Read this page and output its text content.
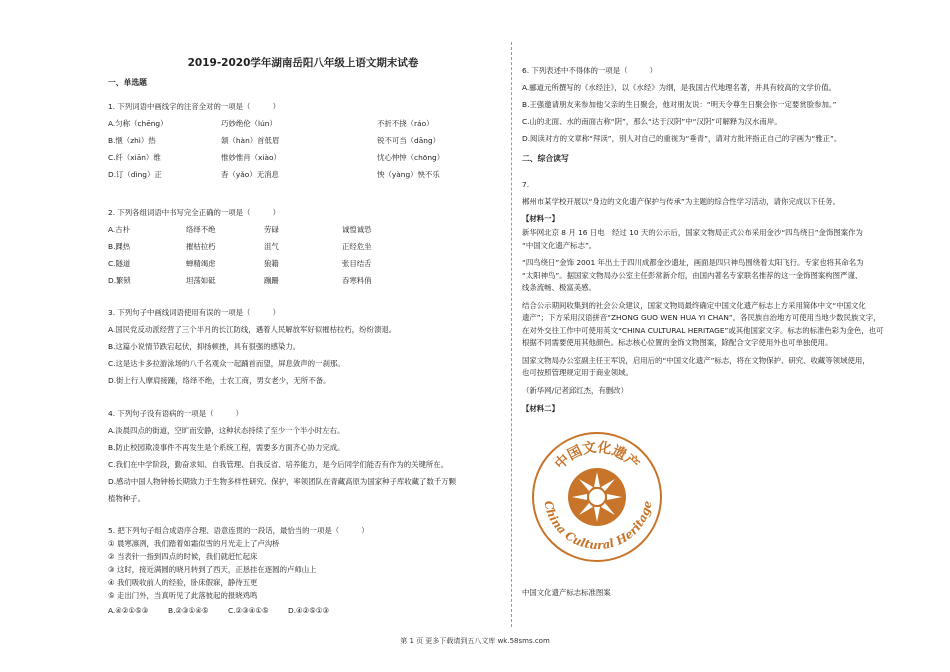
2019-2020学年湖南岳阳八年级上语文期末试卷
一、单选题
1. 下列词语中画线字的注音全对的一项是（　　　）
A.匀称（chēng）	巧妙绝伦（lún）	不折不挠（ráo）
B.惬（zhì）热	颔（hàn）首低眉	锐不可当（dāng）
C.纤（xiān）维	惟妙惟肖（xiào）	忧心忡忡（chōng）
D.订（dìng）正	杳（yǎo）无消息	怏（yàng）怏不乐
2. 下列各组词语中书写完全正确的一项是（　　　）
A.古朴	络绎不绝	劳碌	诚惶诚恐
B.踝热	摧枯拉朽	沮气	正经危坐
C.隧道	蝉精竭虑	狼籍	张目结舌
D.繁锁	坦荡如砥	蹦跚	吞寒料俏
3. 下列句子中画线词语使用有误的一项是（　　　）
A.国民党反动派经营了三个半月的长江防线，遇着人民解放军好似摧枯拉朽，纷纷溃退。
B.这篇小说情节跌宕起伏，抑扬顿挫，具有很强的感染力。
C.这是达卡多拉游泳场的八千名观众一起踊首而望，屏息敛声的一刹那。
D.街上行人摩肩接踵，络绎不绝，士农工商，男女老少，无所不备。
4. 下列句子没有语病的一项是（　　　）
A.淡晨四点的街道，空旷而安静，这种状态持续了至少一个半小时左右。
B.防止校园欺凌事件不再发生是个系统工程，需要多方面齐心协力完成。
C.我们在中学阶段，勤奋求知、自我管理、自我反省、培养能力，是今后同学们能否有作为的关键所在。
D.感动中国人物钟杨长期致力于生物多样性研究、保护，率领团队在青藏高原为国家种子库收藏了数千万颗
植物种子。
5. 把下列句子组合成语序合理、语意连贯的一段话，最恰当的一项是（　　　）
① 晨寒凛冽，我们踏着如霜似雪的月光走上了卢沟桥
② 当表针一指到四点的时候，我们就赶忙起床
③ 这时，接近满圆的晓月转到了西天，正恳挂在逐圆的卢师山上
④ 我们吸收前人的经验，卧床假寐，静待五更
⑤ 走出门外，当真听见了此落彼起的报晓鸡鸣
A.④②①⑤③	B.②③①④⑤	C.②③④①⑤	D.④②⑤①③
6. 下列表述中不得体的一项是（　　　）
A.郦道元所撰写的《水经注》，以《水经》为纲，是我国古代地理名著，并具有较高的文学价值。
B.王强邀请朋友来参加他父亲的生日聚会，他对朋友说：“明天令尊生日聚会你一定要赏脸参加。”
C.山的北面、水的南面古称“阴”，那么“达于汉阴”中“汉阴”可解释为汉水南岸。
D.阅读对方的文章称“拜读”，别人对自己的重视为“垂青”，请对方批评指正自己的字画为“雅正”。
二、综合读写
7.
郴州市某学校开展以“身边的文化遗产保护与传承”为主题的综合性学习活动，请你完成以下任务。
【材料一】
新华网北京 8 月 16 日电　经过 10 天的公示后，国家文物局正式公布采用金沙“四鸟绕日”金饰图案作为
“中国文化遗产标志”。
“四鸟绕日”金饰 2001 年出土于四川成都金沙遗址，画面是四只神鸟围绕着太阳飞行。专家也将其命名为
“太阳神鸟”。据国家文物局办公室主任彭常新介绍，由国内著名专家联名推荐的这一金饰图案构图严谨、
线条流畅、极富美感。
结合公示期间收集到的社会公众建议，国家文物局最终确定中国文化遗产标志上方采用简体中文“中国文化
遗产”；下方采用汉语拼音“ZHONG GUO WEN HUA YI CHAN”。各民族自治地方可使用当地少数民族文字，
在对外交往工作中可使用英文“CHINA CULTURAL HERITAGE”或其他国家文字。标志的标准色彩为金色，也可
根据不同需要使用其他颜色。标志核心位置的金饰文物图案，除配合文字使用外也可单独使用。
国家文物局办公室副主任王军说，启用后的“中国文化遗产”标志，将在文物保护、研究、收藏等领域使用，
也可按照管理规定用于商业领域。
（新华网/记者邱红杰，有删改）
【材料二】
中国文化遗产
China Cultural Heritage
中国文化遗产标志标准图案
第 1 页 更多下载请到五八文库 wk.58sms.com
